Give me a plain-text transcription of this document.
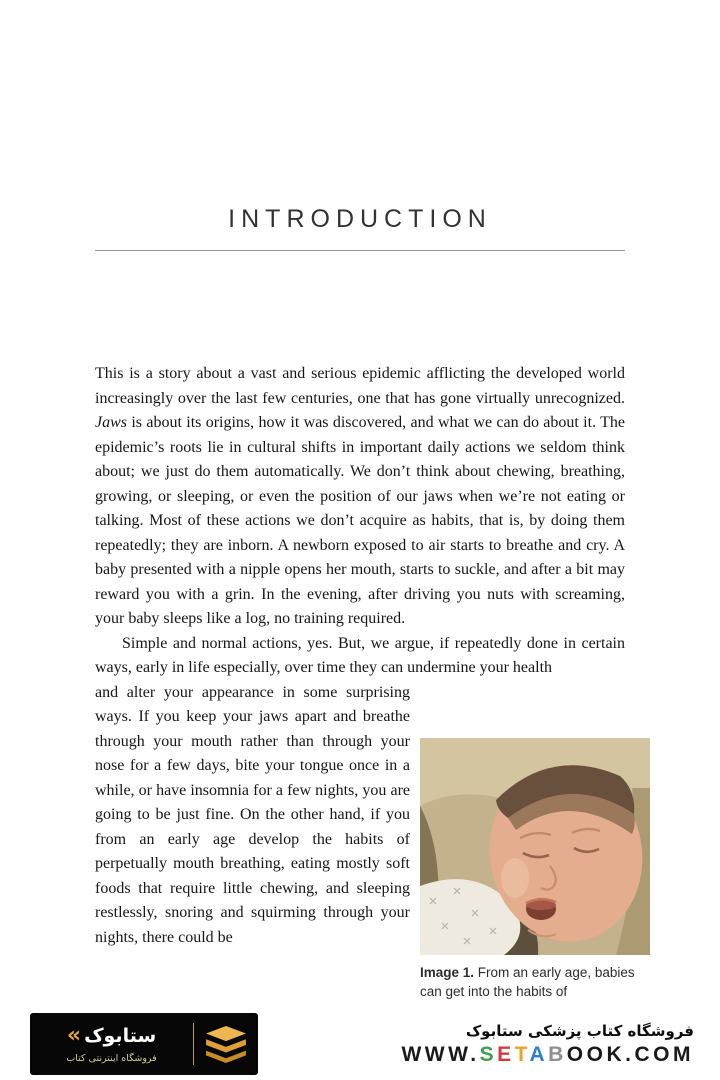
INTRODUCTION

This is a story about a vast and serious epidemic afflicting the developed world increasingly over the last few centuries, one that has gone virtually unrecognized. Jaws is about its origins, how it was discovered, and what we can do about it. The epidemic’s roots lie in cultural shifts in important daily actions we seldom think about; we just do them automatically. We don’t think about chewing, breathing, growing, or sleeping, or even the position of our jaws when we’re not eating or talking. Most of these actions we don’t acquire as habits, that is, by doing them repeatedly; they are inborn. A newborn exposed to air starts to breathe and cry. A baby presented with a nipple opens her mouth, starts to suckle, and after a bit may reward you with a grin. In the evening, after driving you nuts with screaming, your baby sleeps like a log, no training required.

Simple and normal actions, yes. But, we argue, if repeatedly done in certain ways, early in life especially, over time they can undermine your health

and alter your appearance in some surprising ways. If you keep your jaws apart and breathe through your mouth rather than through your nose for a few days, bite your tongue once in a while, or have insomnia for a few nights, you are going to be just fine. On the other hand, if you from an early age develop the habits of perpetually mouth breathing, eating mostly soft foods that require little chewing, and sleeping restlessly, snoring and squirming through your nights, there could be

Image 1. From an early age, babies can get into the habits of
« ستابوک
فروشگاه اینترنتی کتاب
فروشگاه کتاب پزشکی ستابوک
WWW.SETABOOK.COM
